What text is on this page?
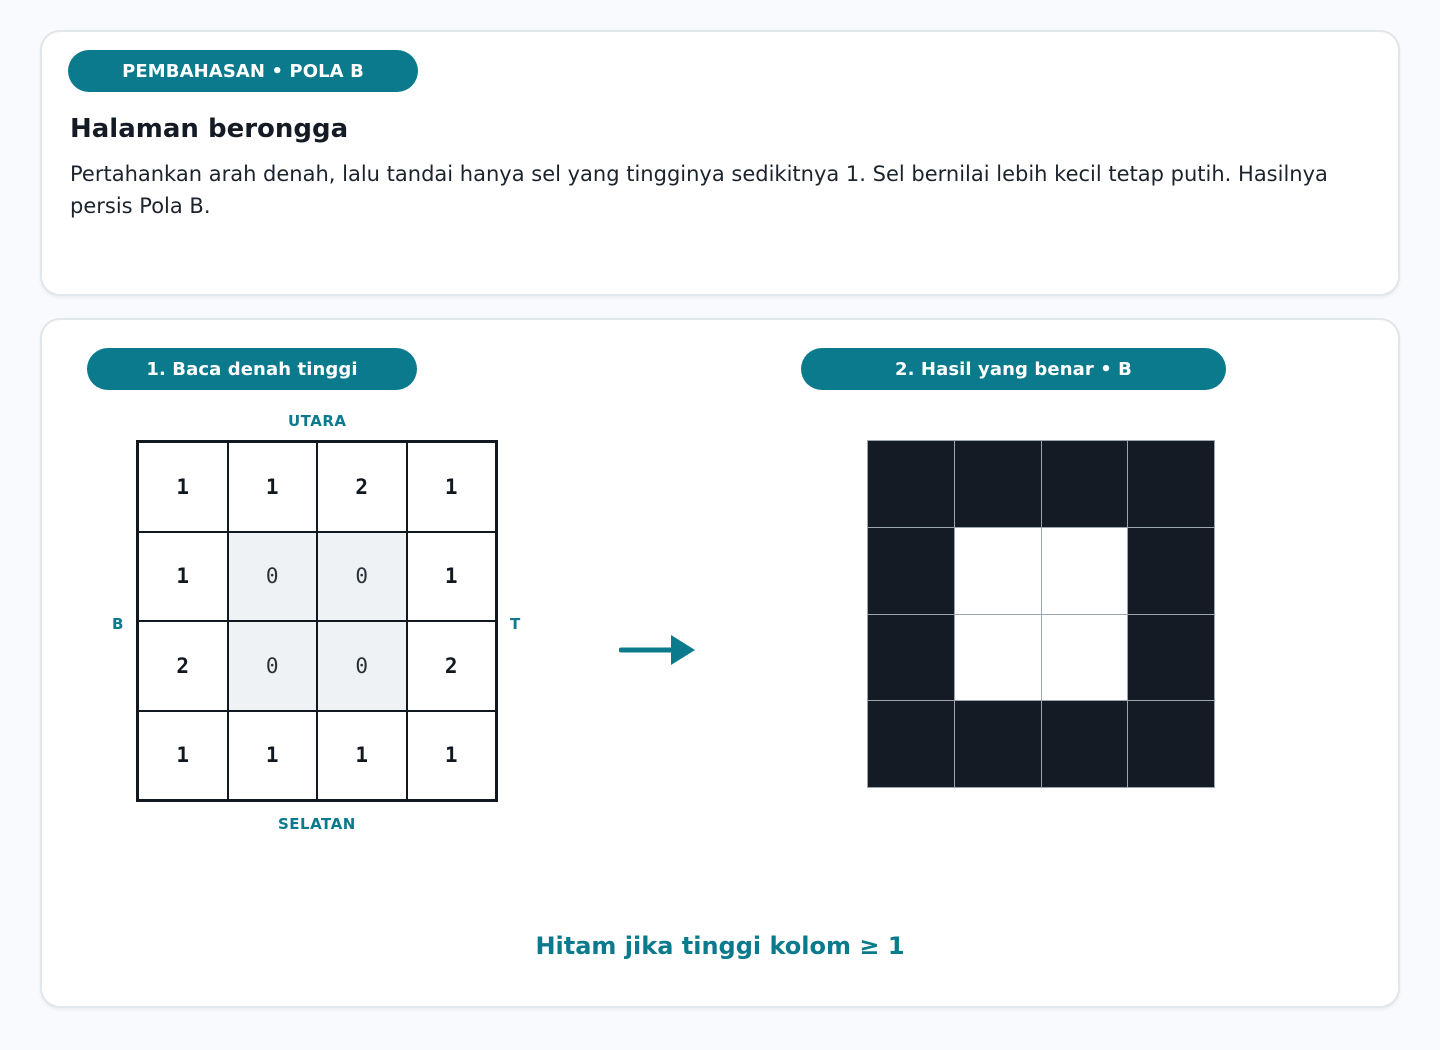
PEMBAHASAN • POLA B
Halaman berongga
Pertahankan arah denah, lalu tandai hanya sel yang tingginya sedikitnya 1. Sel bernilai lebih kecil tetap putih. Hasilnya persis Pola B.
1. Baca denah tinggi	2. Hasil yang benar • B
UTARA
SELATAN
B	T
1	1	2	1
1	0	0	1
2	0	0	2
1	1	1	1
Hitam jika tinggi kolom ≥ 1
